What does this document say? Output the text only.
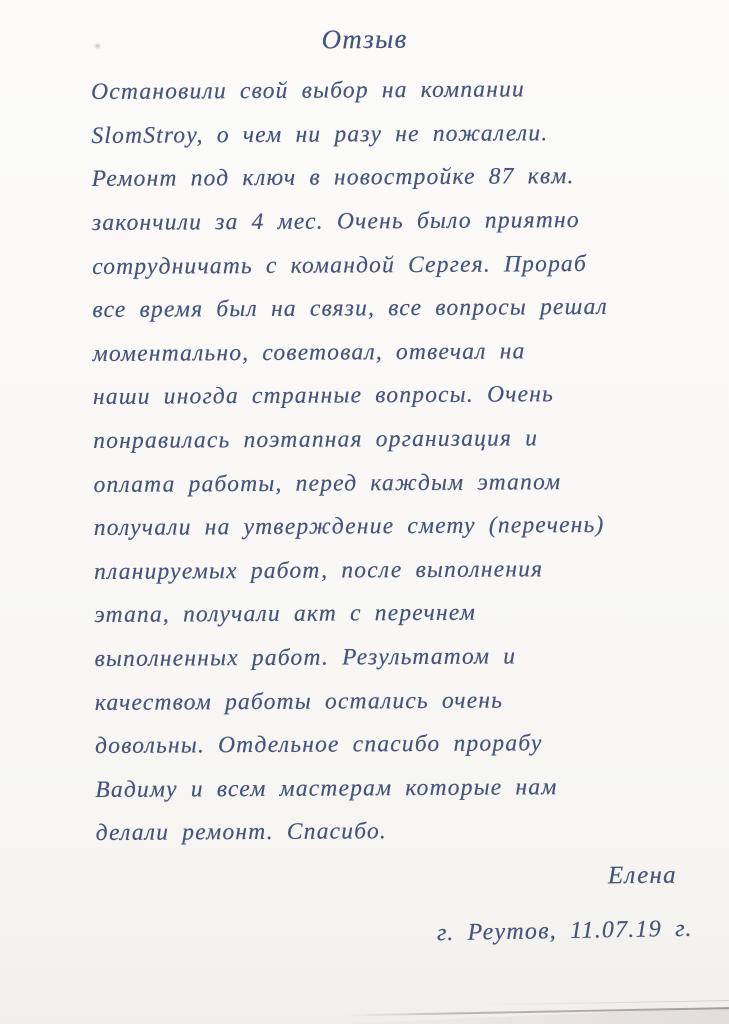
Отзыв
Остановили свой выбор на компании
SlomStroy, о чем ни разу не пожалели.
Ремонт под ключ в новостройке 87 квм.
закончили за 4 мес. Очень было приятно
сотрудничать с командой Сергея. Прораб
все время был на связи, все вопросы решал
моментально, советовал, отвечал на
наши иногда странные вопросы. Очень
понравилась поэтапная организация и
оплата работы, перед каждым этапом
получали на утверждение смету (перечень)
планируемых работ, после выполнения
этапа, получали акт с перечнем
выполненных работ. Результатом и
качеством работы остались очень
довольны. Отдельное спасибо прорабу
Вадиму и всем мастерам которые нам
делали ремонт. Спасибо.
Елена
г. Реутов, 11.07.19 г.
